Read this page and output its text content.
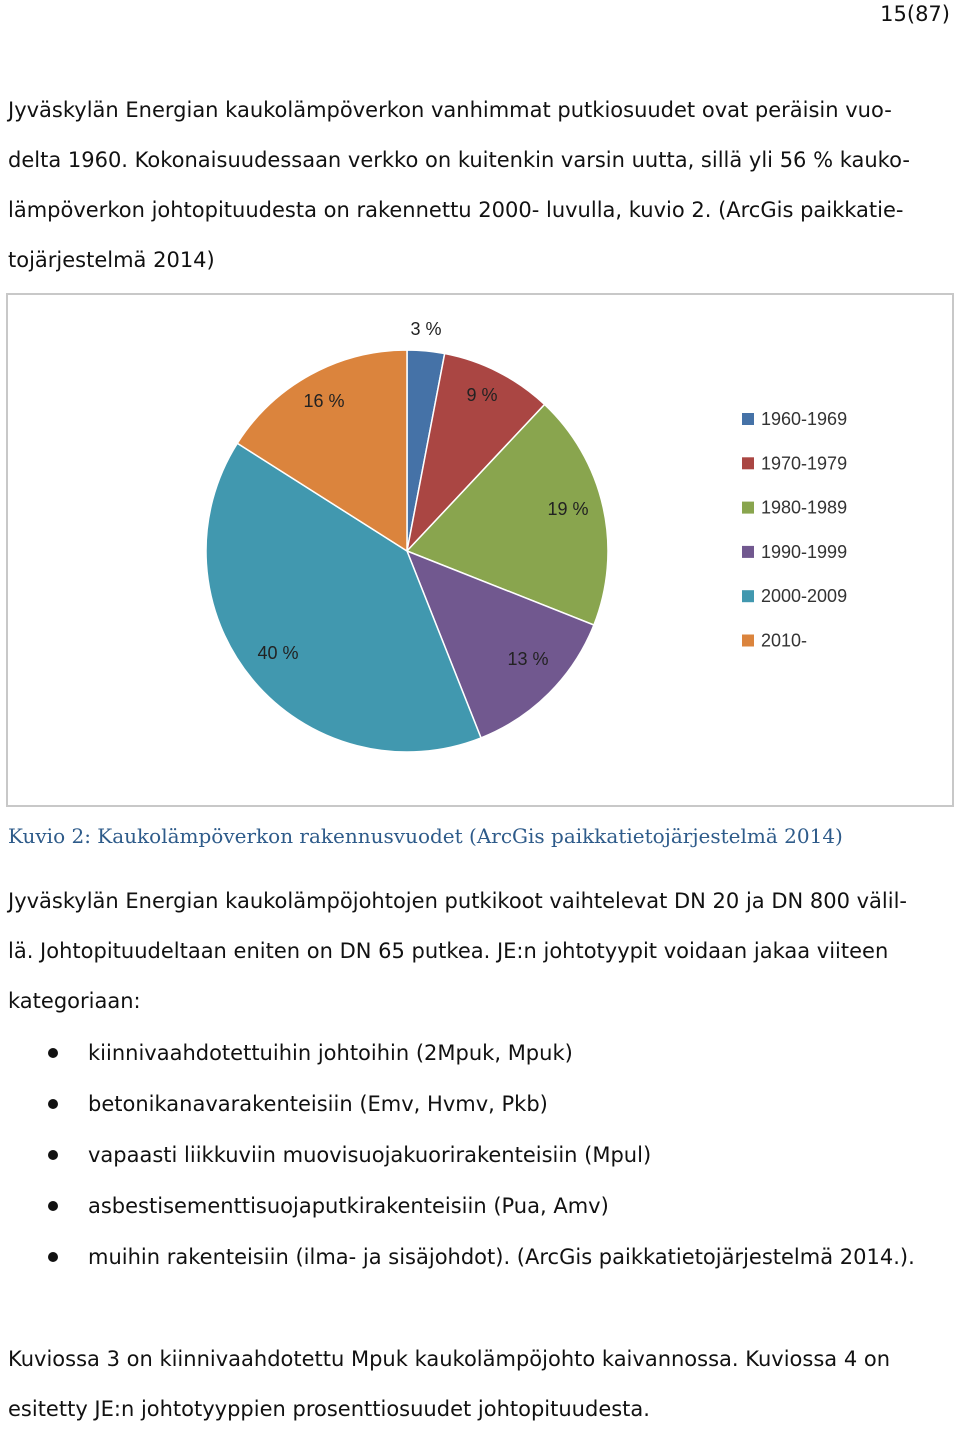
15(87)

Jyväskylän Energian kaukolämpöverkon vanhimmat putkiosuudet ovat peräisin vuo-
delta 1960. Kokonaisuudessaan verkko on kuitenkin varsin uutta, sillä yli 56 % kauko-
lämpöverkon johtopituudesta on rakennettu 2000- luvulla, kuvio 2. (ArcGis paikkatie-
tojärjestelmä 2014)

3 %
9 %
19 %
13 %
40 %
16 %
1960-1969
1970-1979
1980-1989
1990-1999
2000-2009
2010-
Kuvio 2: Kaukolämpöverkon rakennusvuodet (ArcGis paikkatietojärjestelmä 2014)

Jyväskylän Energian kaukolämpöjohtojen putkikoot vaihtelevat DN 20 ja DN 800 välil-
lä. Johtopituudeltaan eniten on DN 65 putkea. JE:n johtotyypit voidaan jakaa viiteen
kategoriaan:

kiinnivaahdotettuihin johtoihin (2Mpuk, Mpuk)
betonikanavarakenteisiin (Emv, Hvmv, Pkb)
vapaasti liikkuviin muovisuojakuorirakenteisiin (Mpul)
asbestisementtisuojaputkirakenteisiin (Pua, Amv)
muihin rakenteisiin (ilma- ja sisäjohdot). (ArcGis paikkatietojärjestelmä 2014.).

Kuviossa 3 on kiinnivaahdotettu Mpuk kaukolämpöjohto kaivannossa. Kuviossa 4 on
esitetty JE:n johtotyyppien prosenttiosuudet johtopituudesta.
